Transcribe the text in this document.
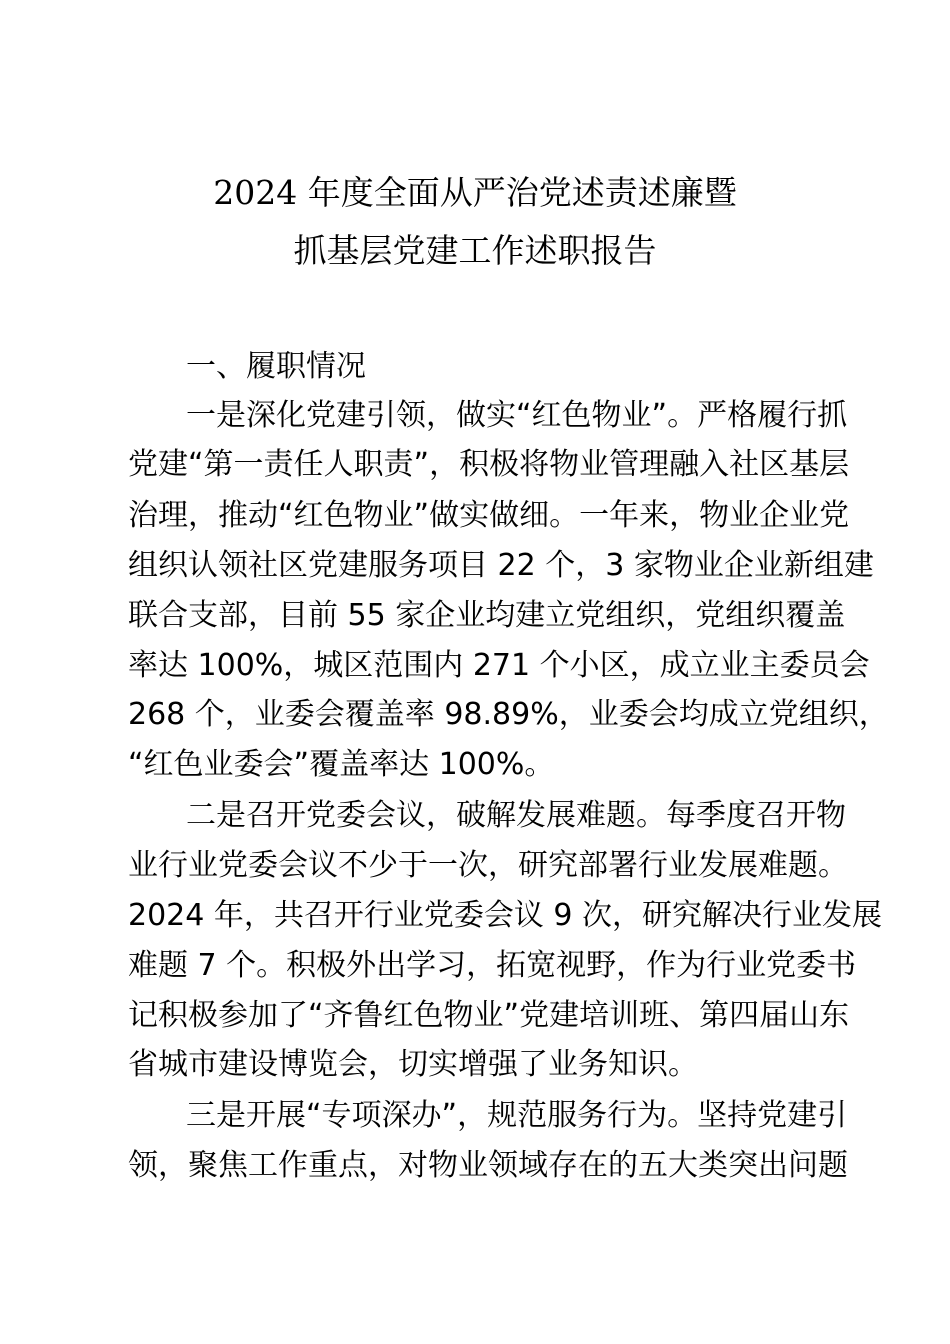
2024 年度全面从严治党述责述廉暨
抓基层党建工作述职报告
一、履职情况
一是深化党建引领，做实“红色物业”。严格履行抓
党建“第一责任人职责”，积极将物业管理融入社区基层
治理，推动“红色物业”做实做细。一年来，物业企业党
组织认领社区党建服务项目 22 个，3 家物业企业新组建
联合支部，目前 55 家企业均建立党组织，党组织覆盖
率达 100%，城区范围内 271 个小区，成立业主委员会
268 个，业委会覆盖率 98.89%，业委会均成立党组织，
“红色业委会”覆盖率达 100%。
二是召开党委会议，破解发展难题。每季度召开物
业行业党委会议不少于一次，研究部署行业发展难题。
2024 年，共召开行业党委会议 9 次，研究解决行业发展
难题 7 个。积极外出学习，拓宽视野，作为行业党委书
记积极参加了“齐鲁红色物业”党建培训班、第四届山东
省城市建设博览会，切实增强了业务知识。
三是开展“专项深办”，规范服务行为。坚持党建引
领，聚焦工作重点，对物业领域存在的五大类突出问题
